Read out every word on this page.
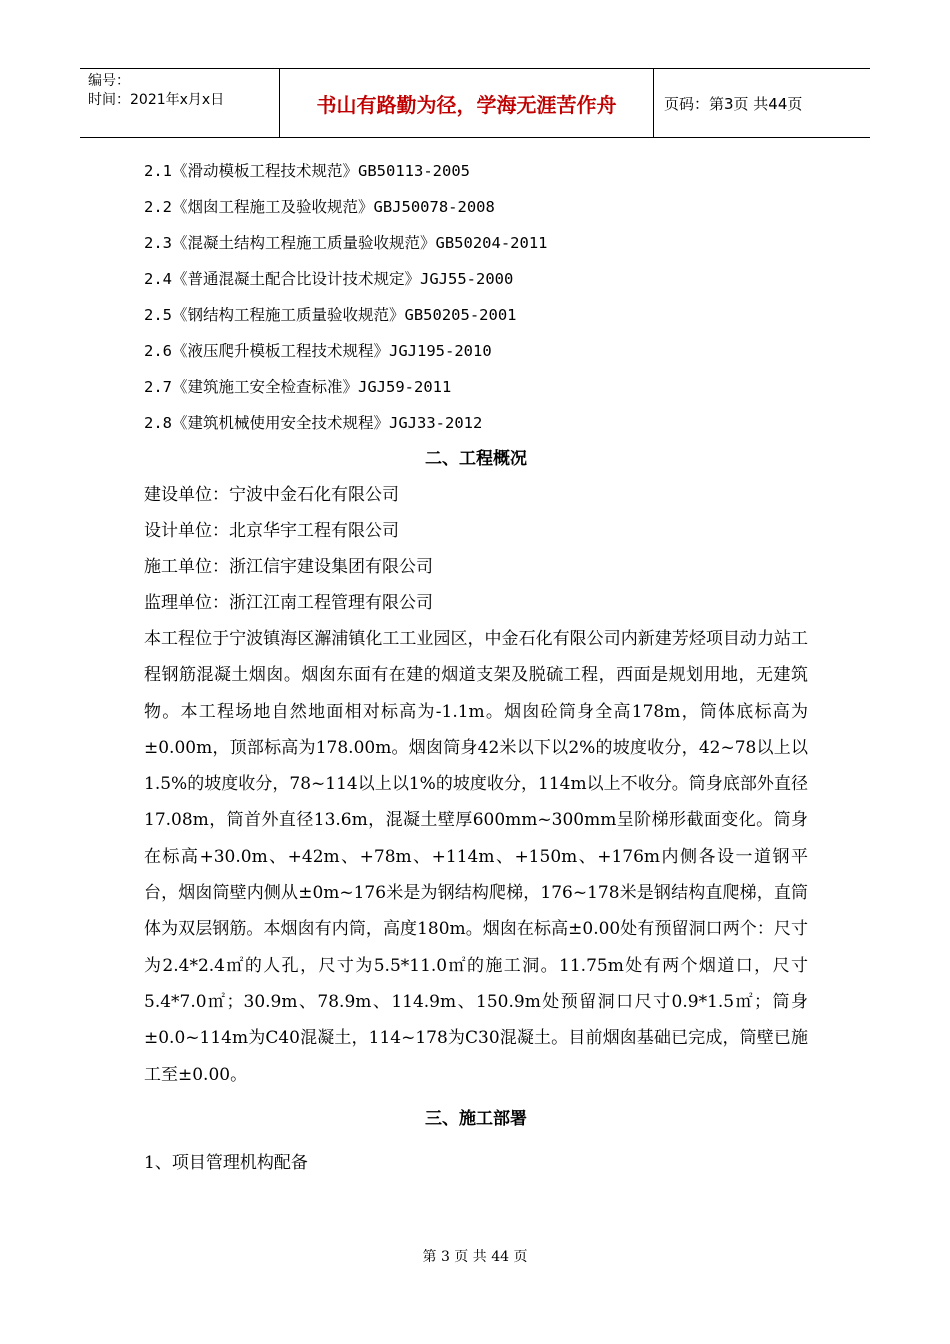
编号：
时间：2021年x月x日	书山有路勤为径，学海无涯苦作舟	页码：第3页 共44页
2.1《滑动模板工程技术规范》GB50113-2005
2.2《烟囱工程施工及验收规范》GBJ50078-2008
2.3《混凝土结构工程施工质量验收规范》GB50204-2011
2.4《普通混凝土配合比设计技术规定》JGJ55-2000
2.5《钢结构工程施工质量验收规范》GB50205-2001
2.6《液压爬升模板工程技术规程》JGJ195-2010
2.7《建筑施工安全检查标准》JGJ59-2011
2.8《建筑机械使用安全技术规程》JGJ33-2012
二、工程概况
建设单位：宁波中金石化有限公司
设计单位：北京华宇工程有限公司
施工单位：浙江信宇建设集团有限公司
监理单位：浙江江南工程管理有限公司
本工程位于宁波镇海区澥浦镇化工工业园区，中金石化有限公司内新建芳烃项目动力站工程钢筋混凝土烟囱。烟囱东面有在建的烟道支架及脱硫工程，西面是规划用地，无建筑物。本工程场地自然地面相对标高为-1.1m。烟囱砼筒身全高178m，筒体底标高为±0.00m，顶部标高为178.00m。烟囱筒身42米以下以2%的坡度收分，42~78以上以1.5%的坡度收分，78~114以上以1%的坡度收分，114m以上不收分。筒身底部外直径17.08m，筒首外直径13.6m，混凝土壁厚600mm~300mm呈阶梯形截面变化。筒身在标高+30.0m、+42m、+78m、+114m、+150m、+176m内侧各设一道钢平台，烟囱筒壁内侧从±0m~176米是为钢结构爬梯，176~178米是钢结构直爬梯，直筒体为双层钢筋。本烟囱有内筒，高度180m。烟囱在标高±0.00处有预留洞口两个：尺寸为2.4*2.4㎡的人孔，尺寸为5.5*11.0㎡的施工洞。11.75m处有两个烟道口，尺寸5.4*7.0㎡；30.9m、78.9m、114.9m、150.9m处预留洞口尺寸0.9*1.5㎡；筒身±0.0~114m为C40混凝土，114~178为C30混凝土。目前烟囱基础已完成，筒壁已施工至±0.00。
三、施工部署
1、项目管理机构配备
第 3 页 共 44 页
